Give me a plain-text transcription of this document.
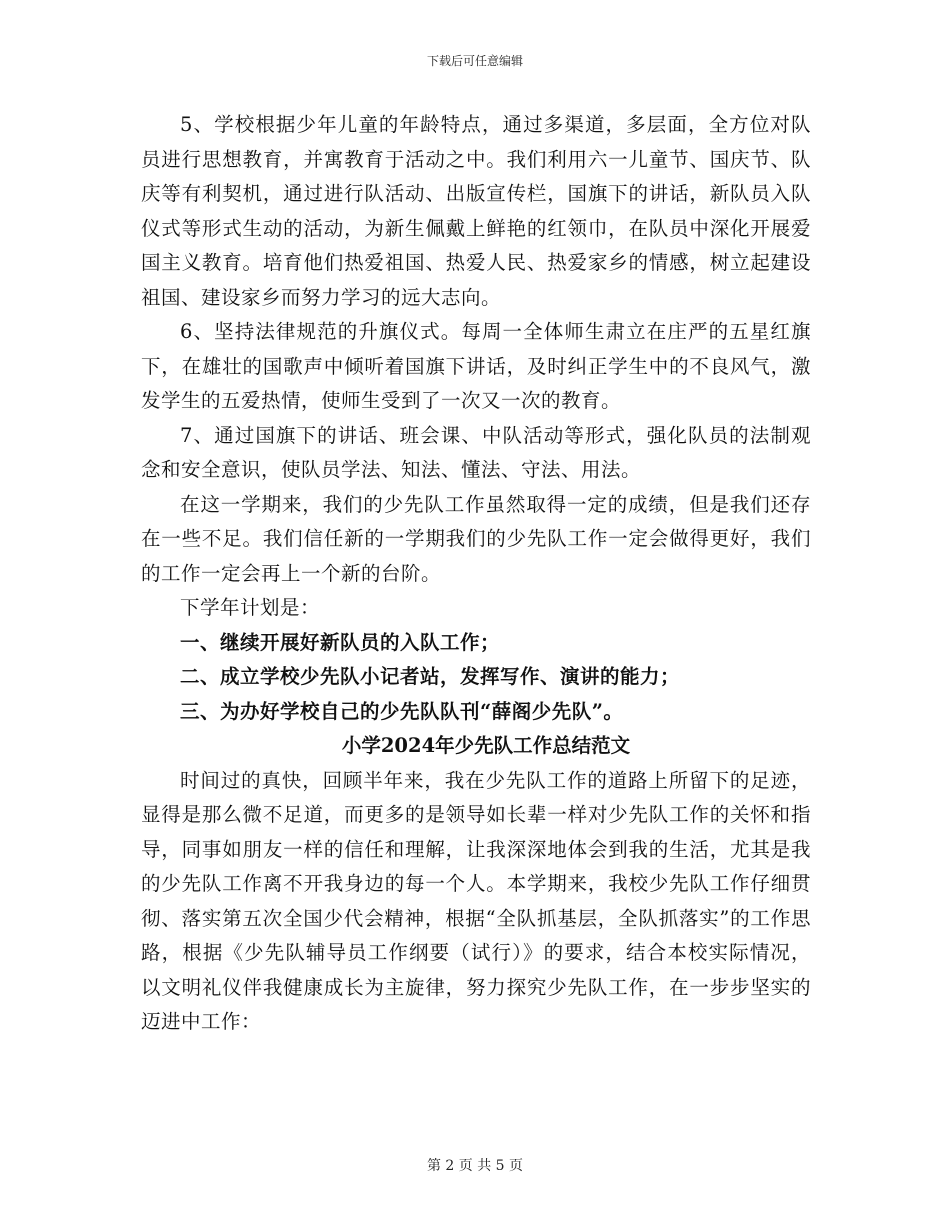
下载后可任意编辑

5、学校根据少年儿童的年龄特点，通过多渠道，多层面，全方位对队员进行思想教育，并寓教育于活动之中。我们利用六一儿童节、国庆节、队庆等有利契机，通过进行队活动、出版宣传栏，国旗下的讲话，新队员入队仪式等形式生动的活动，为新生佩戴上鲜艳的红领巾，在队员中深化开展爱国主义教育。培育他们热爱祖国、热爱人民、热爱家乡的情感，树立起建设祖国、建设家乡而努力学习的远大志向。

6、坚持法律规范的升旗仪式。每周一全体师生肃立在庄严的五星红旗下，在雄壮的国歌声中倾听着国旗下讲话，及时纠正学生中的不良风气，激发学生的五爱热情，使师生受到了一次又一次的教育。

7、通过国旗下的讲话、班会课、中队活动等形式，强化队员的法制观念和安全意识，使队员学法、知法、懂法、守法、用法。

在这一学期来，我们的少先队工作虽然取得一定的成绩，但是我们还存在一些不足。我们信任新的一学期我们的少先队工作一定会做得更好，我们的工作一定会再上一个新的台阶。

下学年计划是：

一、继续开展好新队员的入队工作；

二、成立学校少先队小记者站，发挥写作、演讲的能力；

三、为办好学校自己的少先队队刊“薛阁少先队”。

小学2024年少先队工作总结范文

时间过的真快，回顾半年来，我在少先队工作的道路上所留下的足迹，显得是那么微不足道，而更多的是领导如长辈一样对少先队工作的关怀和指导，同事如朋友一样的信任和理解，让我深深地体会到我的生活，尤其是我的少先队工作离不开我身边的每一个人。本学期来，我校少先队工作仔细贯彻、落实第五次全国少代会精神，根据“全队抓基层，全队抓落实”的工作思路，根据《少先队辅导员工作纲要（试行）》的要求，结合本校实际情况，以文明礼仪伴我健康成长为主旋律，努力探究少先队工作，在一步步坚实的迈进中工作：

第 2 页 共 5 页
